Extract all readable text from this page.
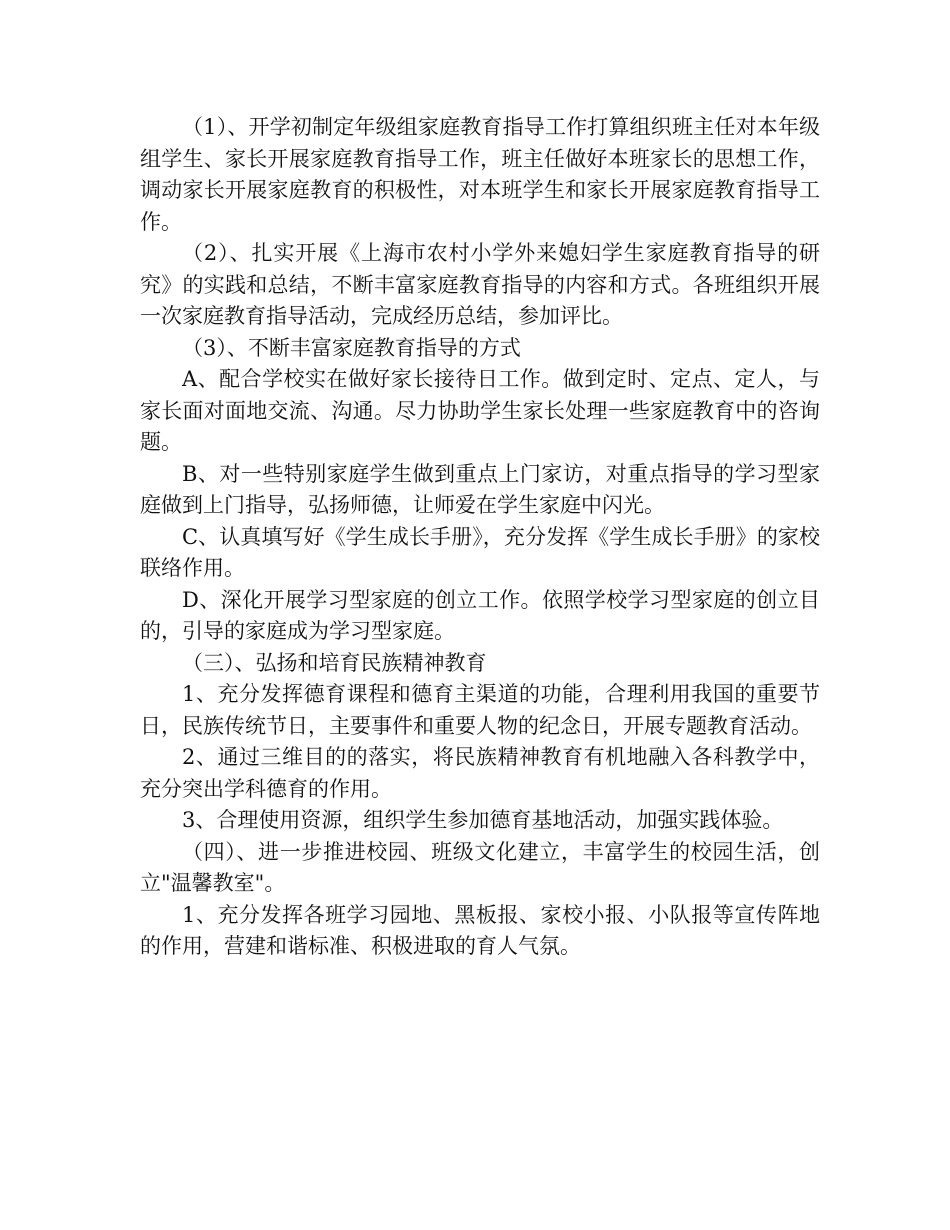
（1）、开学初制定年级组家庭教育指导工作打算组织班主任对本年级组学生、家长开展家庭教育指导工作，班主任做好本班家长的思想工作，调动家长开展家庭教育的积极性，对本班学生和家长开展家庭教育指导工作。

（2）、扎实开展《上海市农村小学外来媳妇学生家庭教育指导的研究》的实践和总结，不断丰富家庭教育指导的内容和方式。各班组织开展一次家庭教育指导活动，完成经历总结，参加评比。

（3）、不断丰富家庭教育指导的方式

A、配合学校实在做好家长接待日工作。做到定时、定点、定人，与家长面对面地交流、沟通。尽力协助学生家长处理一些家庭教育中的咨询题。

B、对一些特别家庭学生做到重点上门家访，对重点指导的学习型家庭做到上门指导，弘扬师德，让师爱在学生家庭中闪光。

C、认真填写好《学生成长手册》，充分发挥《学生成长手册》的家校联络作用。

D、深化开展学习型家庭的创立工作。依照学校学习型家庭的创立目的，引导的家庭成为学习型家庭。

（三）、弘扬和培育民族精神教育

1、充分发挥德育课程和德育主渠道的功能，合理利用我国的重要节日，民族传统节日，主要事件和重要人物的纪念日，开展专题教育活动。

2、通过三维目的的落实，将民族精神教育有机地融入各科教学中，充分突出学科德育的作用。

3、合理使用资源，组织学生参加德育基地活动，加强实践体验。

（四）、进一步推进校园、班级文化建立，丰富学生的校园生活，创立"温馨教室"。

1、充分发挥各班学习园地、黑板报、家校小报、小队报等宣传阵地的作用，营建和谐标准、积极进取的育人气氛。
